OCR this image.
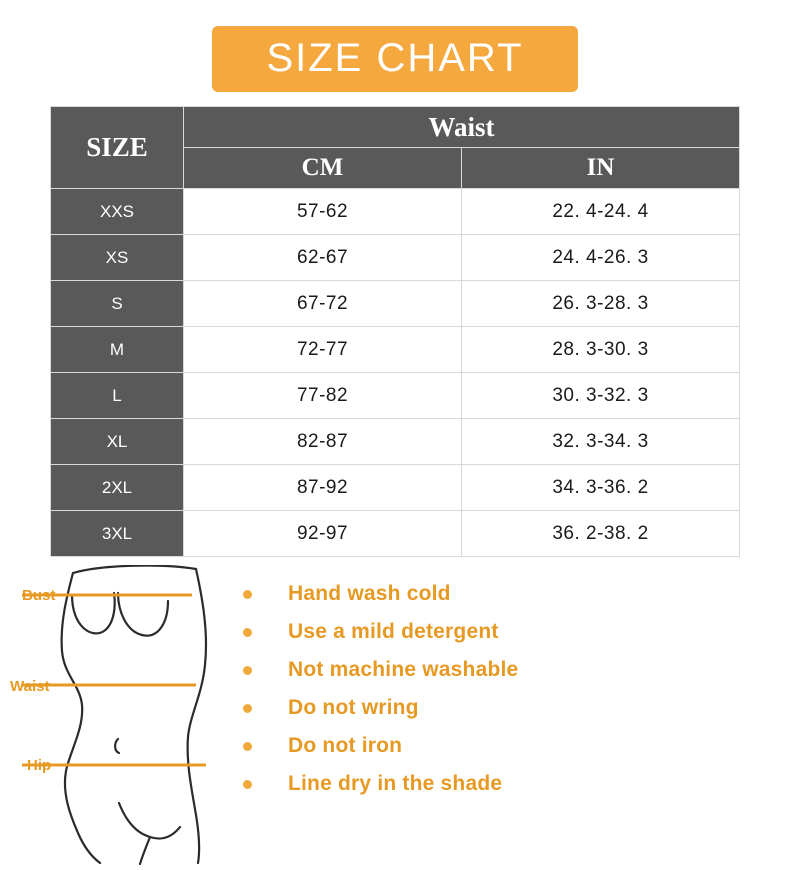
SIZE CHART
SIZE	Waist	
	CM	IN
XXS	57-62	22. 4-24. 4
XS	62-67	24. 4-26. 3
S	67-72	26. 3-28. 3
M	72-77	28. 3-30. 3
L	77-82	30. 3-32. 3
XL	82-87	32. 3-34. 3
2XL	87-92	34. 3-36. 2
3XL	92-97	36. 2-38. 2
Bust
Waist
Hip
Hand wash cold
Use a mild detergent
Not machine washable
Do not wring
Do not iron
Line dry in the shade
